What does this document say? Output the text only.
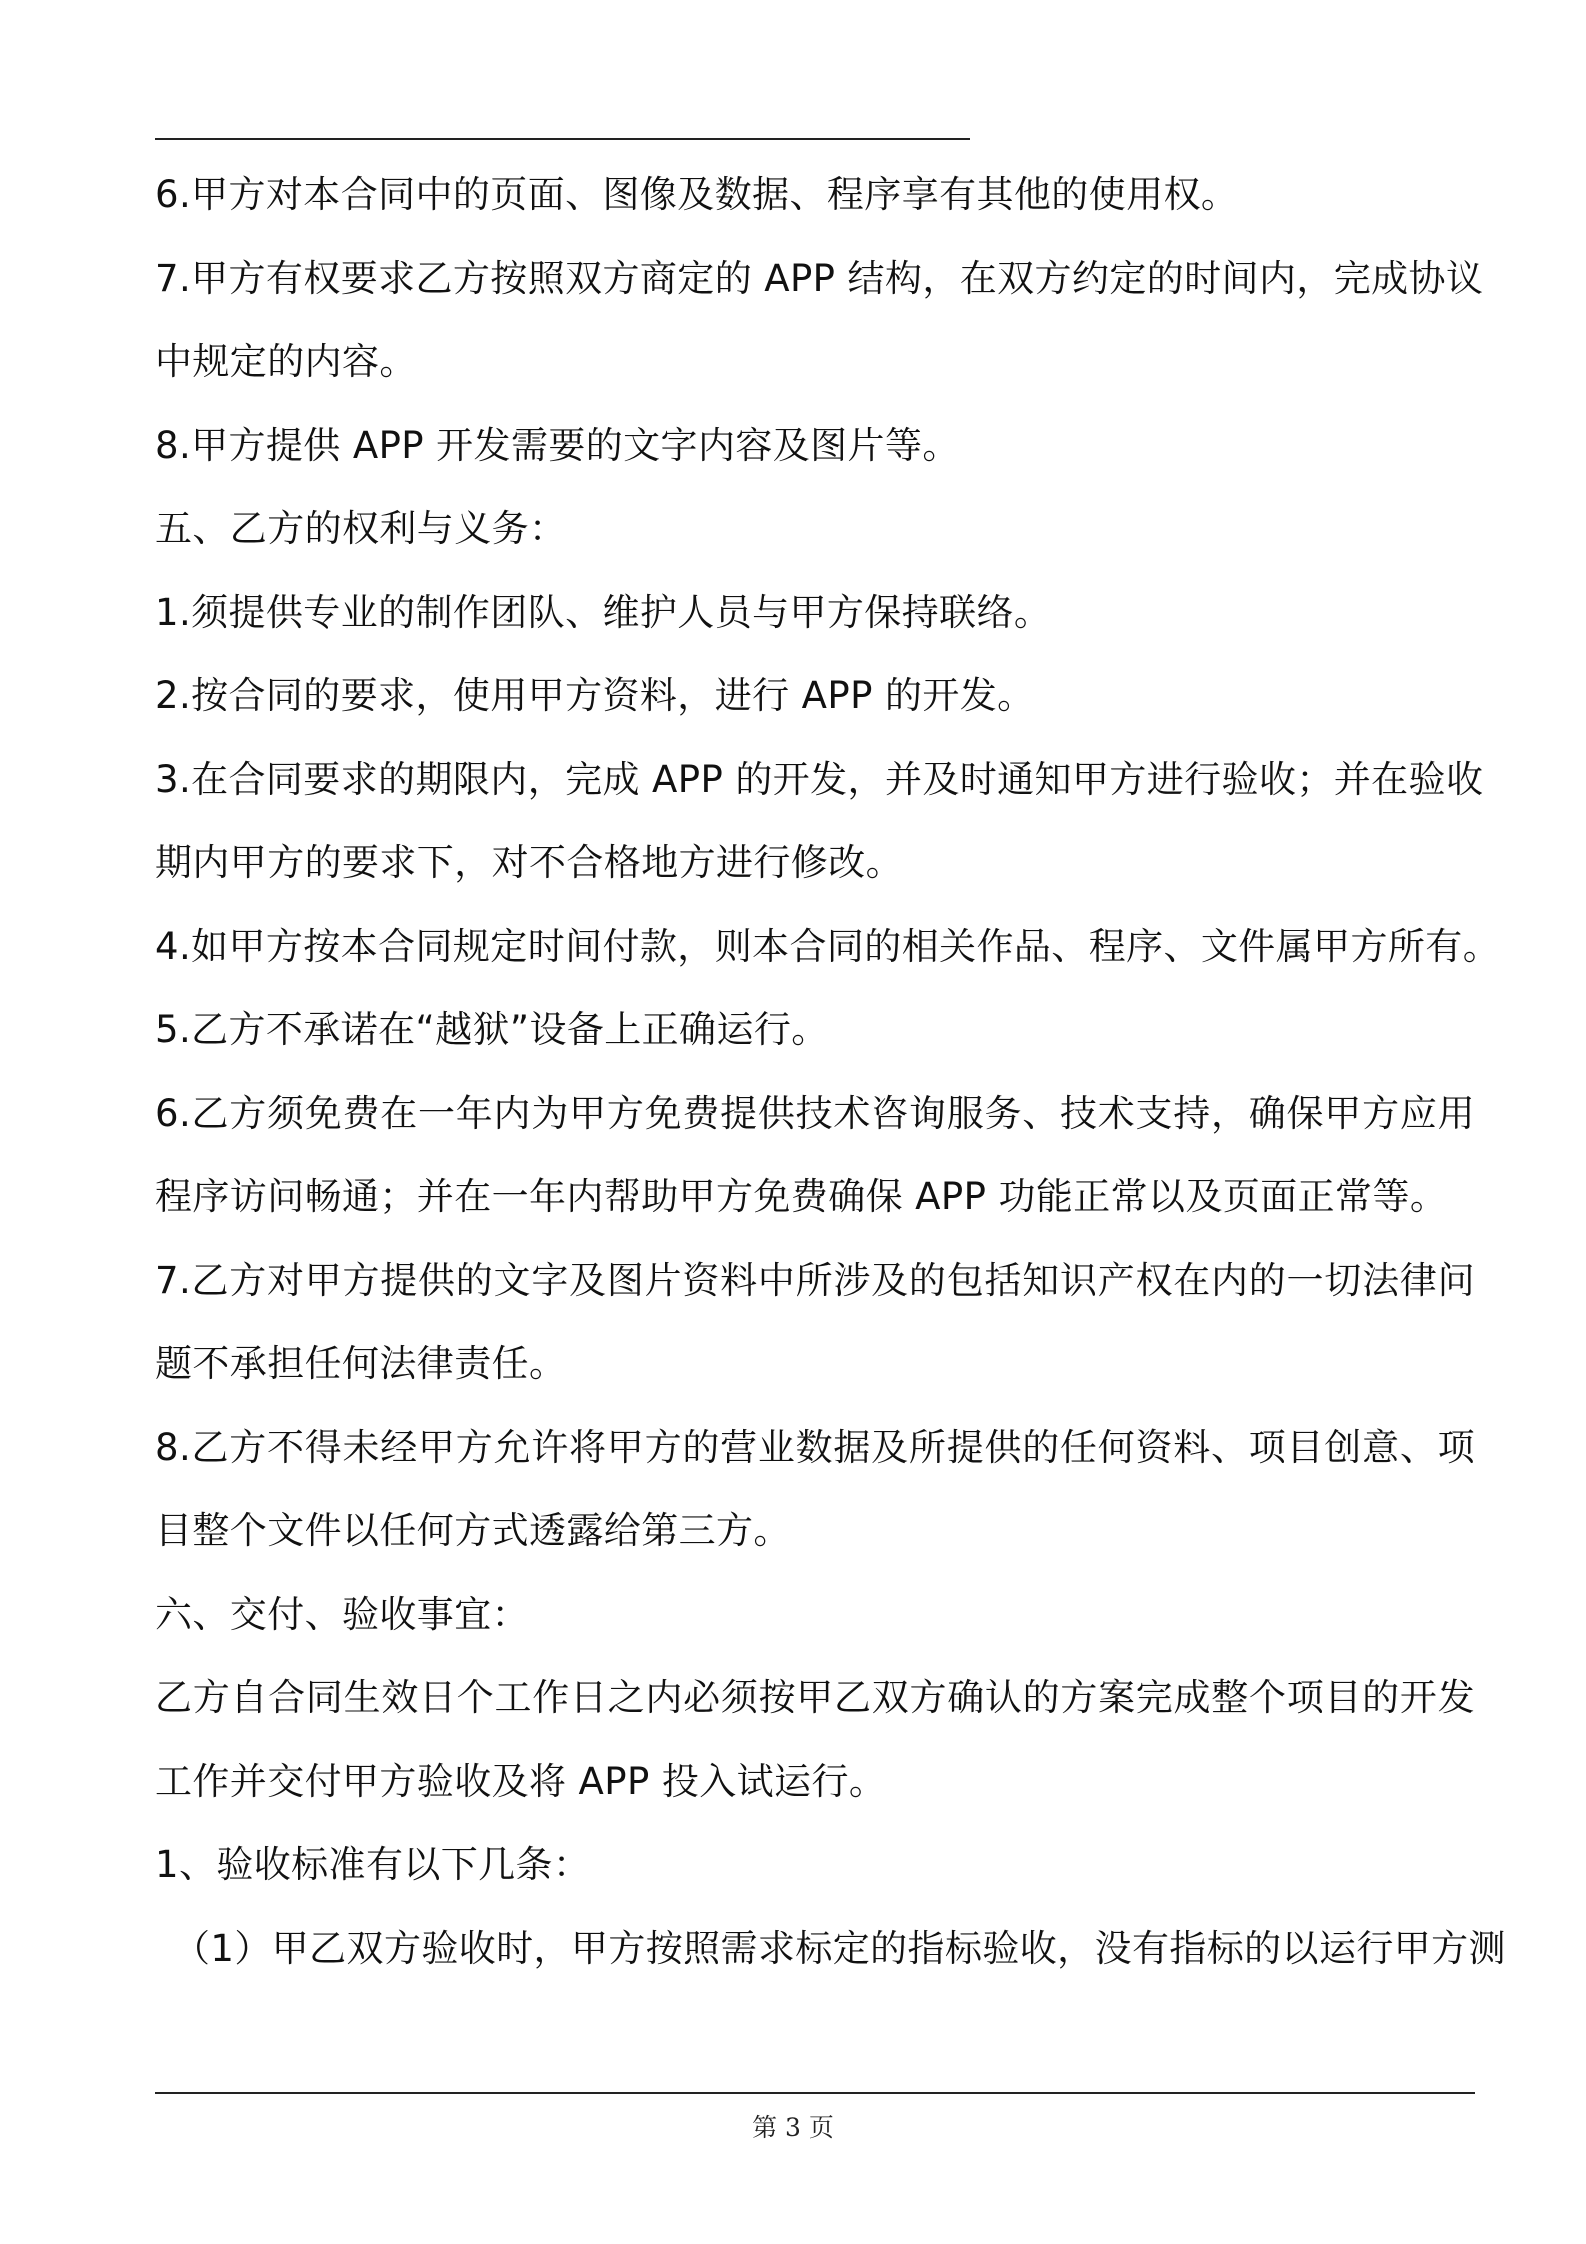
6.甲方对本合同中的页面、图像及数据、程序享有其他的使用权。
7.甲方有权要求乙方按照双方商定的 APP 结构，在双方约定的时间内，完成协议
中规定的内容。
8.甲方提供 APP 开发需要的文字内容及图片等。
五、乙方的权利与义务：
1.须提供专业的制作团队、维护人员与甲方保持联络。
2.按合同的要求，使用甲方资料，进行 APP 的开发。
3.在合同要求的期限内，完成 APP 的开发，并及时通知甲方进行验收；并在验收
期内甲方的要求下，对不合格地方进行修改。
4.如甲方按本合同规定时间付款，则本合同的相关作品、程序、文件属甲方所有。
5.乙方不承诺在“越狱”设备上正确运行。
6.乙方须免费在一年内为甲方免费提供技术咨询服务、技术支持，确保甲方应用
程序访问畅通；并在一年内帮助甲方免费确保 APP 功能正常以及页面正常等。
7.乙方对甲方提供的文字及图片资料中所涉及的包括知识产权在内的一切法律问
题不承担任何法律责任。
8.乙方不得未经甲方允许将甲方的营业数据及所提供的任何资料、项目创意、项
目整个文件以任何方式透露给第三方。
六、交付、验收事宜：
乙方自合同生效日个工作日之内必须按甲乙双方确认的方案完成整个项目的开发
工作并交付甲方验收及将 APP 投入试运行。
1、验收标准有以下几条：
（1）甲乙双方验收时，甲方按照需求标定的指标验收，没有指标的以运行甲方测
第 3 页
